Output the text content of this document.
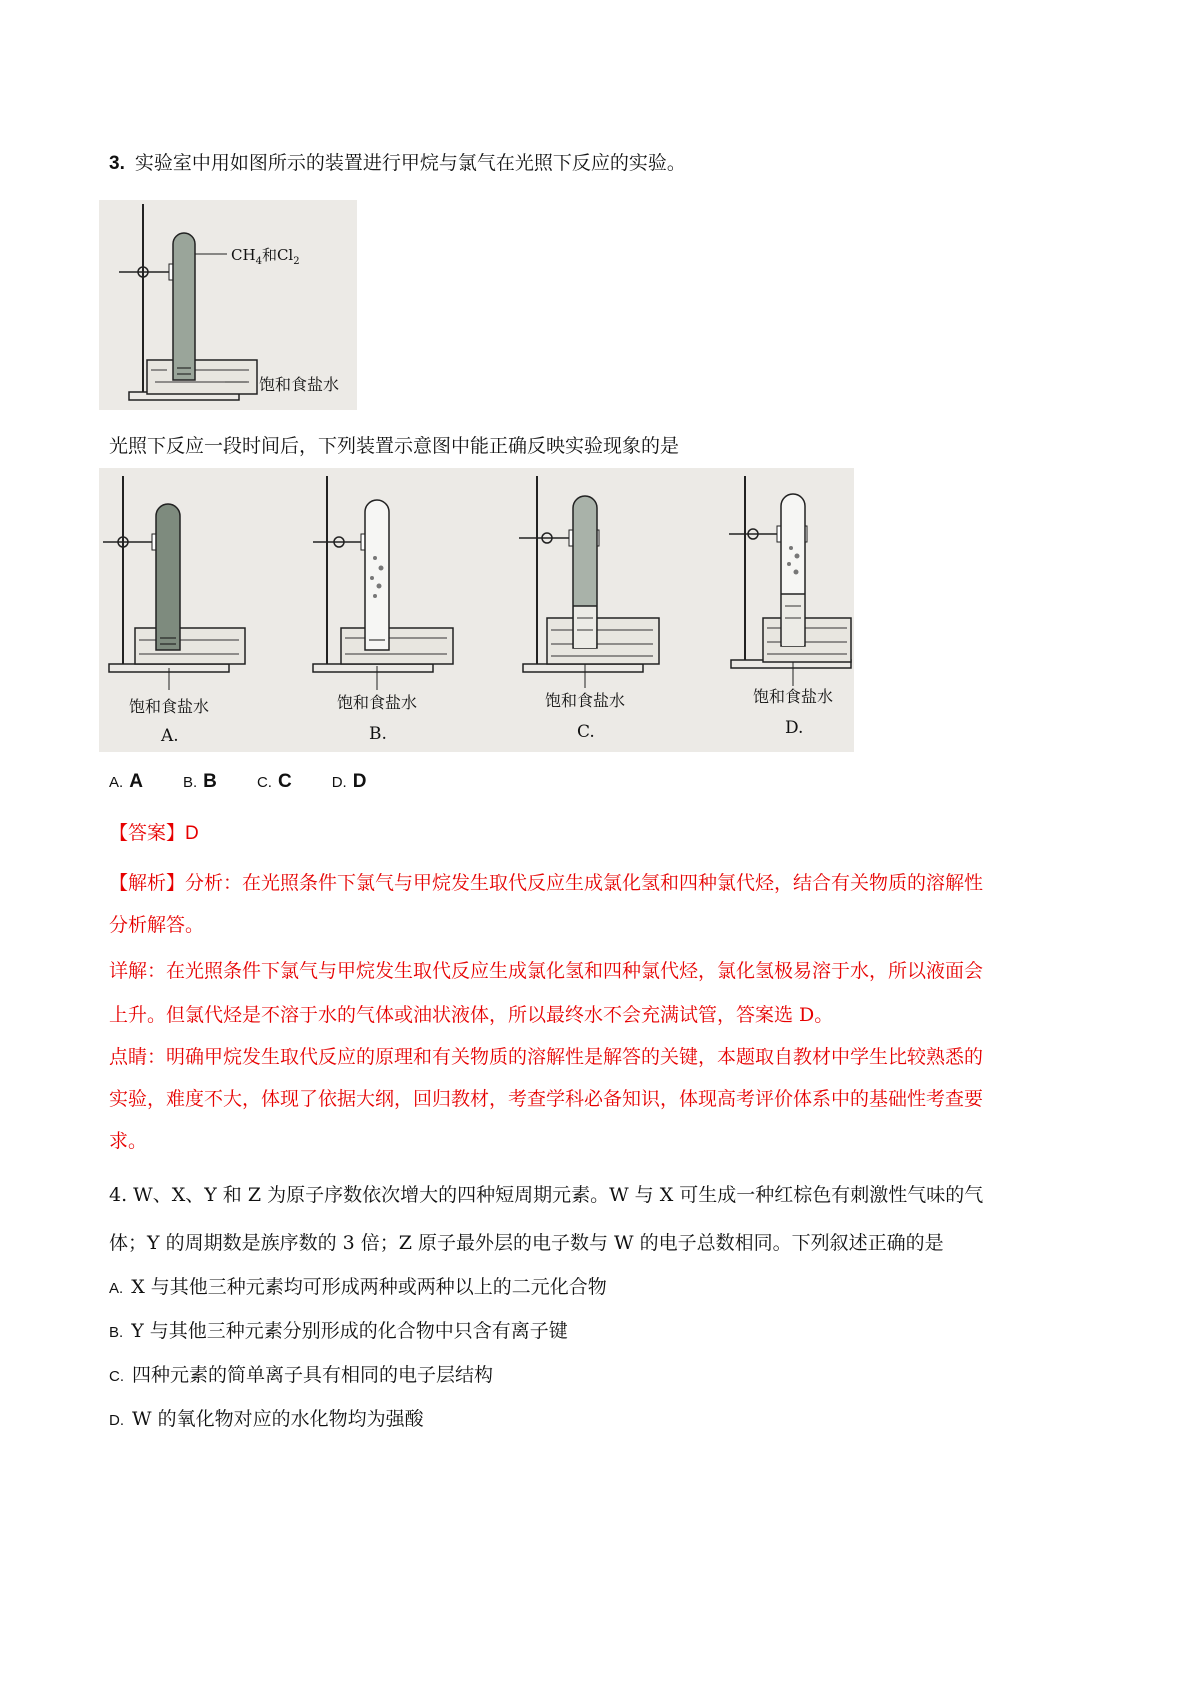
3. 实验室中用如图所示的装置进行甲烷与氯气在光照下反应的实验。
$CH_4$和$Cl_2$
饱和食盐水
光照下反应一段时间后，下列装置示意图中能正确反映实验现象的是
饱和食盐水
A.
饱和食盐水
B.
饱和食盐水
C.
饱和食盐水
D.
A. A	B. B	C. C	D. D
【答案】D
【解析】分析：在光照条件下氯气与甲烷发生取代反应生成氯化氢和四种氯代烃，结合有关物质的溶解性
分析解答。
详解：在光照条件下氯气与甲烷发生取代反应生成氯化氢和四种氯代烃，氯化氢极易溶于水，所以液面会
上升。但氯代烃是不溶于水的气体或油状液体，所以最终水不会充满试管，答案选 D。
点睛：明确甲烷发生取代反应的原理和有关物质的溶解性是解答的关键，本题取自教材中学生比较熟悉的
实验，难度不大，体现了依据大纲，回归教材，考查学科必备知识，体现高考评价体系中的基础性考查要
求。
4. W、X、Y 和 Z 为原子序数依次增大的四种短周期元素。W 与 X 可生成一种红棕色有刺激性气味的气
体；Y 的周期数是族序数的 3 倍；Z 原子最外层的电子数与 W 的电子总数相同。下列叙述正确的是
A. X 与其他三种元素均可形成两种或两种以上的二元化合物
B. Y 与其他三种元素分别形成的化合物中只含有离子键
C. 四种元素的简单离子具有相同的电子层结构
D. W 的氧化物对应的水化物均为强酸
